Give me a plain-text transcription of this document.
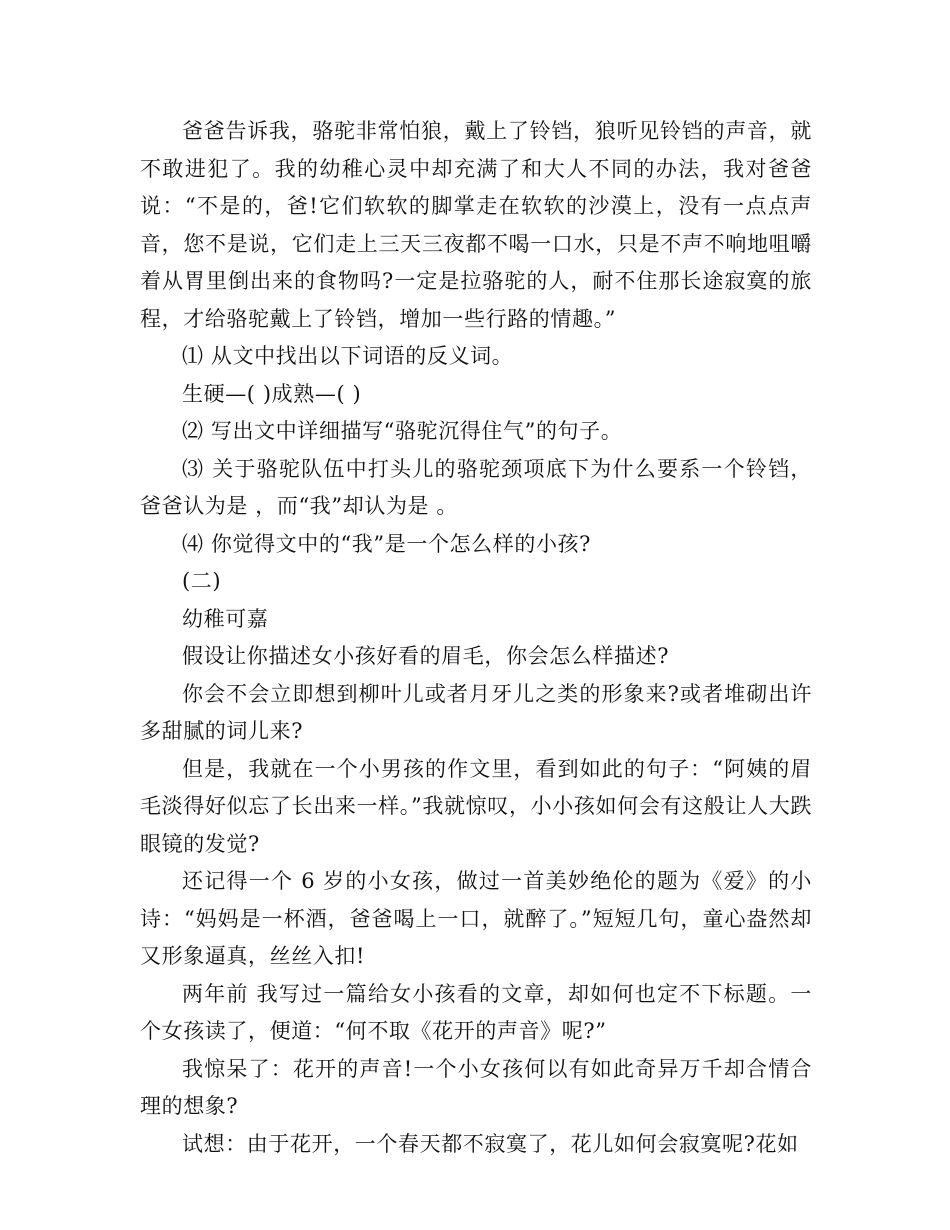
爸爸告诉我，骆驼非常怕狼，戴上了铃铛，狼听见铃铛的声音，就不敢进犯了。我的幼稚心灵中却充满了和大人不同的办法，我对爸爸说：“不是的，爸!它们软软的脚掌走在软软的沙漠上，没有一点点声音，您不是说，它们走上三天三夜都不喝一口水，只是不声不响地咀嚼着从胃里倒出来的食物吗?一定是拉骆驼的人，耐不住那长途寂寞的旅程，才给骆驼戴上了铃铛，增加一些行路的情趣。”

⑴ 从文中找出以下词语的反义词。

生硬—( )成熟—( )

⑵ 写出文中详细描写“骆驼沉得住气”的句子。

⑶ 关于骆驼队伍中打头儿的骆驼颈项底下为什么要系一个铃铛，爸爸认为是 ，而“我”却认为是 。

⑷ 你觉得文中的“我”是一个怎么样的小孩?

(二)

幼稚可嘉

假设让你描述女小孩好看的眉毛，你会怎么样描述?

你会不会立即想到柳叶儿或者月牙儿之类的形象来?或者堆砌出许多甜腻的词儿来?

但是，我就在一个小男孩的作文里，看到如此的句子：“阿姨的眉毛淡得好似忘了长出来一样。”我就惊叹，小小孩如何会有这般让人大跌眼镜的发觉?

还记得一个 6 岁的小女孩，做过一首美妙绝伦的题为《爱》的小诗：“妈妈是一杯酒，爸爸喝上一口，就醉了。”短短几句，童心盎然却又形象逼真，丝丝入扣!

两年前 我写过一篇给女小孩看的文章，却如何也定不下标题。一个女孩读了，便道：“何不取《花开的声音》呢?”

我惊呆了：花开的声音!一个小女孩何以有如此奇异万千却合情合理的想象?

试想：由于花开，一个春天都不寂寞了，花儿如何会寂寞呢?花如
